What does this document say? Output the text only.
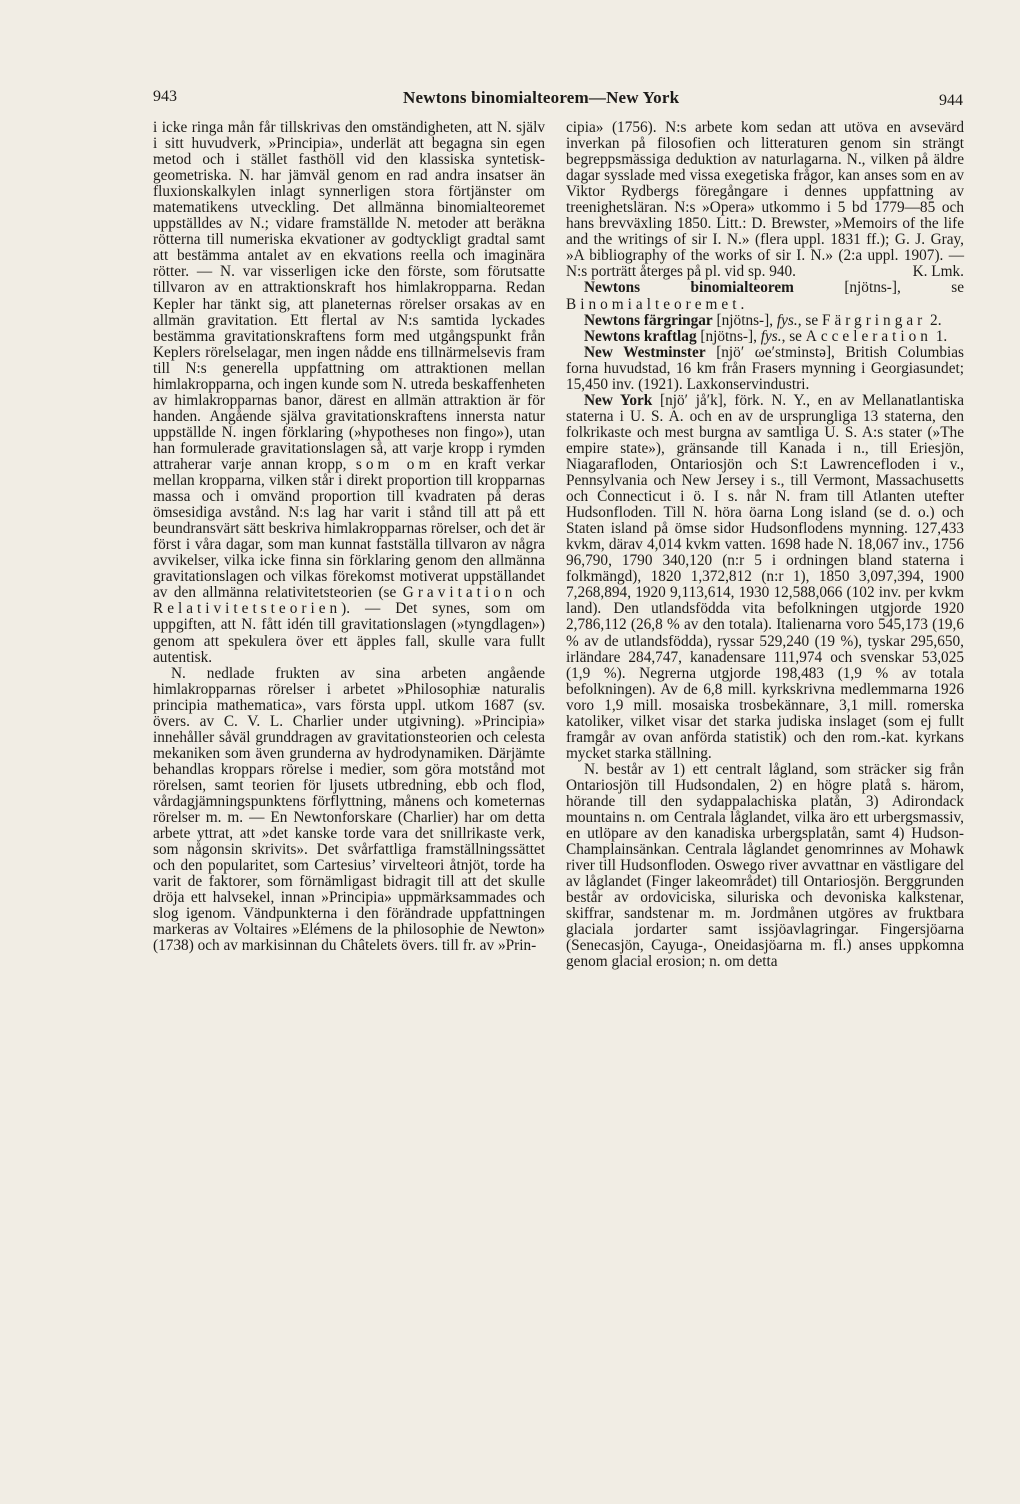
943	Newtons binomialteorem—New York	944

i icke ringa mån får tillskrivas den omständigheten, att N. själv i sitt huvudverk, »Principia», underlät att begagna sin egen metod och i stället fasthöll vid den klassiska syntetisk-geometriska. N. har jämväl genom en rad andra insatser än fluxionskalkylen inlagt synnerligen stora förtjänster om matematikens utveckling. Det allmänna binomialteoremet uppställdes av N.; vidare framställde N. metoder att beräkna rötterna till numeriska ekvationer av godtyckligt gradtal samt att bestämma antalet av en ekvations reella och imaginära rötter. — N. var visserligen icke den förste, som förutsatte tillvaron av en attraktionskraft hos himlakropparna. Redan Kepler har tänkt sig, att planeternas rörelser orsakas av en allmän gravitation. Ett flertal av N:s samtida lyckades bestämma gravitationskraftens form med utgångspunkt från Keplers rörelselagar, men ingen nådde ens tillnärmelsevis fram till N:s generella uppfattning om attraktionen mellan himlakropparna, och ingen kunde som N. utreda beskaffenheten av himlakropparnas banor, därest en allmän attraktion är för handen. Angående själva gravitationskraftens innersta natur uppställde N. ingen förklaring (»hypotheses non fingo»), utan han formulerade gravitationslagen så, att varje kropp i rymden attraherar varje annan kropp, som om en kraft verkar mellan kropparna, vilken står i direkt proportion till kropparnas massa och i omvänd proportion till kvadraten på deras ömsesidiga avstånd. N:s lag har varit i stånd till att på ett beundransvärt sätt beskriva himlakropparnas rörelser, och det är först i våra dagar, som man kunnat fastställa tillvaron av några avvikelser, vilka icke finna sin förklaring genom den allmänna gravitationslagen och vilkas förekomst motiverat uppställandet av den allmänna relativitetsteorien (se Gravitation och Relativitetsteorien). — Det synes, som om uppgiften, att N. fått idén till gravitationslagen (»tyngdlagen») genom att spekulera över ett äpples fall, skulle vara fullt autentisk.

N. nedlade frukten av sina arbeten angående himlakropparnas rörelser i arbetet »Philosophiæ naturalis principia mathematica», vars första uppl. utkom 1687 (sv. övers. av C. V. L. Charlier under utgivning). »Principia» innehåller såväl grunddragen av gravitationsteorien och celesta mekaniken som även grunderna av hydrodynamiken. Därjämte behandlas kroppars rörelse i medier, som göra motstånd mot rörelsen, samt teorien för ljusets utbredning, ebb och flod, vårdagjämningspunktens förflyttning, månens och kometernas rörelser m. m. — En Newtonforskare (Charlier) har om detta arbete yttrat, att »det kanske torde vara det snillrikaste verk, som någonsin skrivits». Det svårfattliga framställningssättet och den popularitet, som Cartesius’ virvelteori åtnjöt, torde ha varit de faktorer, som förnämligast bidragit till att det skulle dröja ett halvsekel, innan »Principia» uppmärksammades och slog igenom. Vändpunkterna i den förändrade uppfattningen markeras av Voltaires »Elémens de la philosophie de Newton» (1738) och av markisinnan du Châtelets övers. till fr. av »Prin-

cipia» (1756). N:s arbete kom sedan att utöva en avsevärd inverkan på filosofien och litteraturen genom sin strängt begreppsmässiga deduktion av naturlagarna. N., vilken på äldre dagar sysslade med vissa exegetiska frågor, kan anses som en av Viktor Rydbergs föregångare i dennes uppfattning av treenighetsläran. N:s »Opera» utkommo i 5 bd 1779—85 och hans brevväxling 1850. Litt.: D. Brewster, »Memoirs of the life and the writings of sir I. N.» (flera uppl. 1831 ff.); G. J. Gray, »A bibliography of the works of sir I. N.» (2:a uppl. 1907). — N:s porträtt återges på pl. vid sp. 940.	K. Lmk.

Newtons binomialteorem [njötns-], se Binomialteoremet.

Newtons färgringar [njötns-], fys., se Färgringar 2.

Newtons kraftlag [njötns-], fys., se Acceleration 1.

New Westminster [njö′ ωe′stminstə], British Columbias forna huvudstad, 16 km från Frasers mynning i Georgiasundet; 15,450 inv. (1921). Laxkonservindustri.

New York [njö′ jå′k], förk. N. Y., en av Mellanatlantiska staterna i U. S. A. och en av de ursprungliga 13 staterna, den folkrikaste och mest burgna av samtliga U. S. A:s stater (»The empire state»), gränsande till Kanada i n., till Eriesjön, Niagarafloden, Ontariosjön och S:t Lawrencefloden i v., Pennsylvania och New Jersey i s., till Vermont, Massachusetts och Connecticut i ö. I s. når N. fram till Atlanten utefter Hudsonfloden. Till N. höra öarna Long island (se d. o.) och Staten island på ömse sidor Hudsonflodens mynning. 127,433 kvkm, därav 4,014 kvkm vatten. 1698 hade N. 18,067 inv., 1756 96,790, 1790 340,120 (n:r 5 i ordningen bland staterna i folkmängd), 1820 1,372,812 (n:r 1), 1850 3,097,394, 1900 7,268,894, 1920 9,113,614, 1930 12,588,066 (102 inv. per kvkm land). Den utlandsfödda vita befolkningen utgjorde 1920 2,786,112 (26,8 % av den totala). Italienarna voro 545,173 (19,6 % av de utlandsfödda), ryssar 529,240 (19 %), tyskar 295,650, irländare 284,747, kanadensare 111,974 och svenskar 53,025 (1,9 %). Negrerna utgjorde 198,483 (1,9 % av totala befolkningen). Av de 6,8 mill. kyrkskrivna medlemmarna 1926 voro 1,9 mill. mosaiska trosbekännare, 3,1 mill. romerska katoliker, vilket visar det starka judiska inslaget (som ej fullt framgår av ovan anförda statistik) och den rom.-kat. kyrkans mycket starka ställning.

N. består av 1) ett centralt lågland, som sträcker sig från Ontariosjön till Hudsondalen, 2) en högre platå s. härom, hörande till den sydappalachiska platån, 3) Adirondack mountains n. om Centrala låglandet, vilka äro ett urbergsmassiv, en utlöpare av den kanadiska urbergsplatån, samt 4) Hudson-Champlainsänkan. Centrala låglandet genomrinnes av Mohawk river till Hudsonfloden. Oswego river avvattnar en västligare del av låglandet (Finger lakeområdet) till Ontariosjön. Berggrunden består av ordoviciska, siluriska och devoniska kalkstenar, skiffrar, sandstenar m. m. Jordmånen utgöres av fruktbara glaciala jordarter samt issjöavlagringar. Fingersjöarna (Senecasjön, Cayuga-, Oneidasjöarna m. fl.) anses uppkomna genom glacial erosion; n. om detta
